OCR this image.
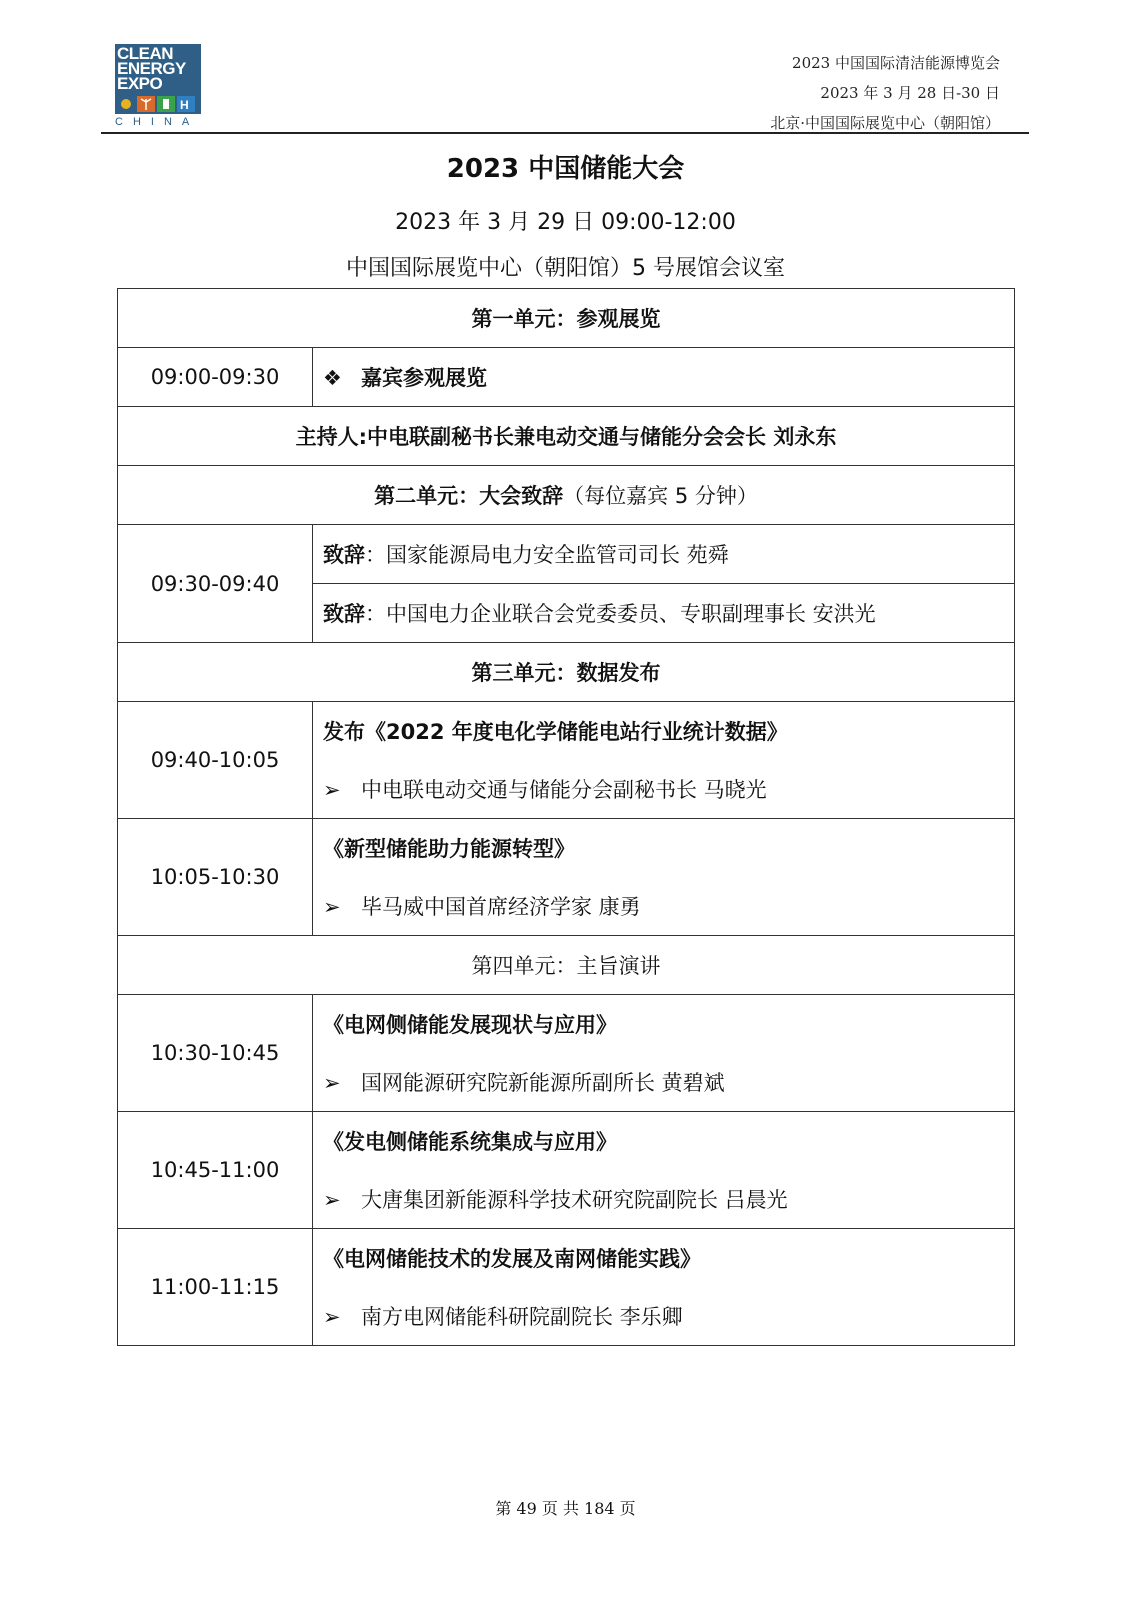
CLEAN
ENERGY
EXPO
H
CHINA
2023 中国国际清洁能源博览会
2023 年 3 月 28 日-30 日
北京·中国国际展览中心（朝阳馆）
2023 中国储能大会
2023 年 3 月 29 日 09:00-12:00
中国国际展览中心（朝阳馆）5 号展馆会议室
第一单元：参观展览	
09:00-09:30	❖ 嘉宾参观展览
主持人:中电联副秘书长兼电动交通与储能分会会长 刘永东	
第二单元：大会致辞（每位嘉宾 5 分钟）	
09:30-09:40	致辞：国家能源局电力安全监管司司长 苑舜
	致辞：中国电力企业联合会党委委员、专职副理事长 安洪光
第三单元：数据发布	
09:40-10:05	发布《2022 年度电化学储能电站行业统计数据》
➢ 中电联电动交通与储能分会副秘书长 马晓光
10:05-10:30	《新型储能助力能源转型》
➢ 毕马威中国首席经济学家 康勇
第四单元：主旨演讲	
10:30-10:45	《电网侧储能发展现状与应用》
➢ 国网能源研究院新能源所副所长 黄碧斌
10:45-11:00	《发电侧储能系统集成与应用》
➢ 大唐集团新能源科学技术研究院副院长 吕晨光
11:00-11:15	《电网储能技术的发展及南网储能实践》
➢ 南方电网储能科研院副院长 李乐卿
第 49 页 共 184 页
